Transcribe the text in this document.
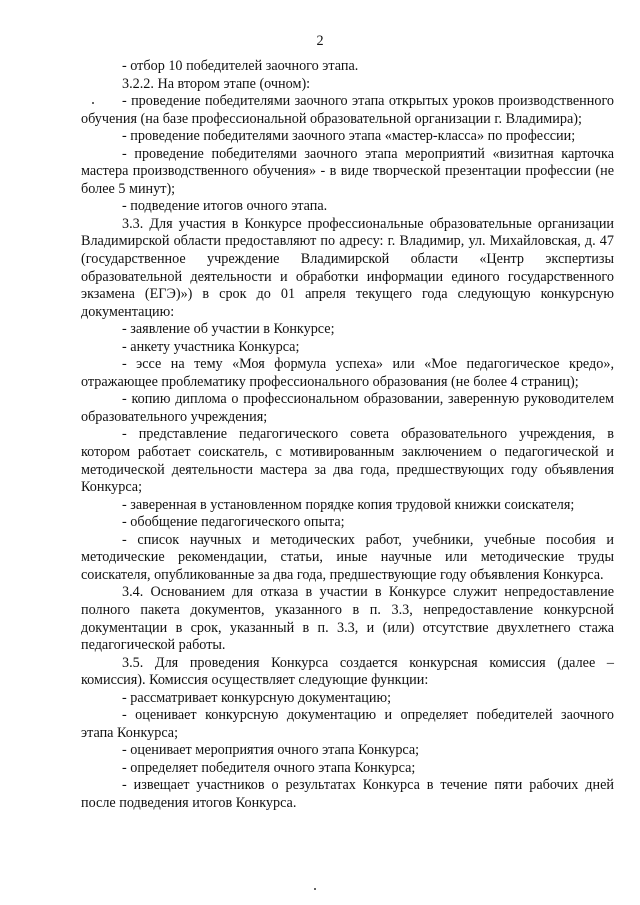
2

- отбор 10 победителей заочного этапа.

3.2.2. На втором этапе (очном):

- проведение победителями заочного этапа открытых уроков производственного обучения (на базе профессиональной образовательной организации г. Владимира);

- проведение победителями заочного этапа «мастер-класса» по профессии;

- проведение победителями заочного этапа мероприятий «визитная карточка мастера производственного обучения» - в виде творческой презентации профессии (не более 5 минут);

- подведение итогов очного этапа.

3.3. Для участия в Конкурсе профессиональные образовательные организации Владимирской области предоставляют по адресу: г. Владимир, ул. Михайловская, д. 47 (государственное учреждение Владимирской области «Центр экспертизы образовательной деятельности и обработки информации единого государственного экзамена (ЕГЭ)») в срок до 01 апреля текущего года следующую конкурсную документацию:

- заявление об участии в Конкурсе;

- анкету участника Конкурса;

- эссе на тему «Моя формула успеха» или «Мое педагогическое кредо», отражающее проблематику профессионального образования (не более 4 страниц);

- копию диплома о профессиональном образовании, заверенную руководителем образовательного учреждения;

- представление педагогического совета образовательного учреждения, в котором работает соискатель, с мотивированным заключением о педагогической и методической деятельности мастера за два года, предшествующих году объявления Конкурса;

- заверенная в установленном порядке копия трудовой книжки соискателя;

- обобщение педагогического опыта;

- список научных и методических работ, учебники, учебные пособия и методические рекомендации, статьи, иные научные или методические труды соискателя, опубликованные за два года, предшествующие году объявления Конкурса.

3.4. Основанием для отказа в участии в Конкурсе служит непредоставление полного пакета документов, указанного в п. 3.3, непредоставление конкурсной документации в срок, указанный в п. 3.3, и (или) отсутствие двухлетнего стажа педагогической работы.

3.5. Для проведения Конкурса создается конкурсная комиссия (далее – комиссия). Комиссия осуществляет следующие функции:

- рассматривает конкурсную документацию;

- оценивает конкурсную документацию и определяет победителей заочного этапа Конкурса;

- оценивает мероприятия очного этапа Конкурса;

- определяет победителя очного этапа Конкурса;

- извещает участников о результатах Конкурса в течение пяти рабочих дней после подведения итогов Конкурса.
